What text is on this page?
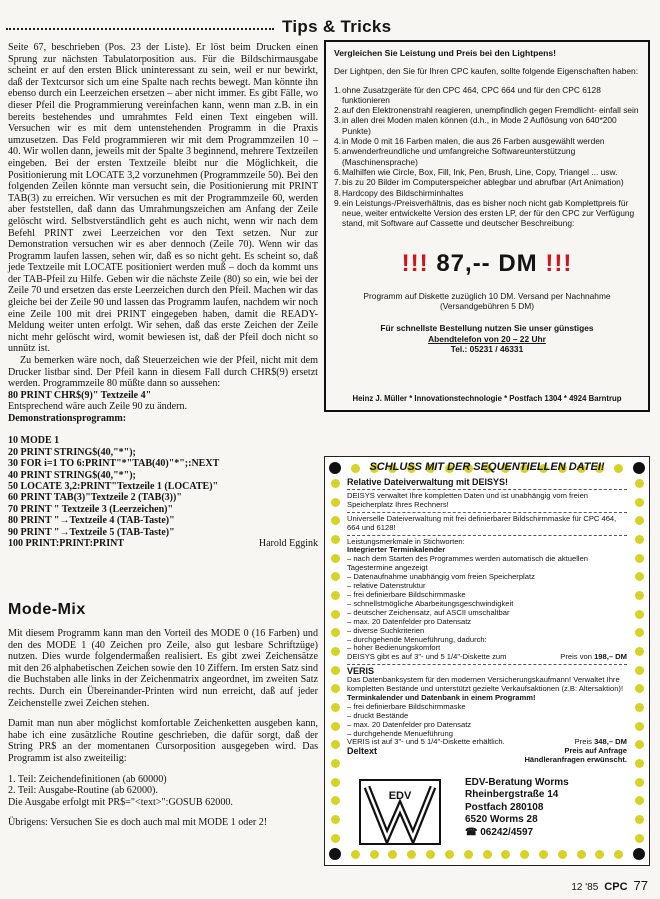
Tips & Tricks

Seite 67, beschrieben (Pos. 23 der Liste). Er löst beim Drucken einen Sprung zur nächsten Tabulatorposition aus. Für die Bildschirmausgabe scheint er auf den ersten Blick uninteressant zu sein, weil er nur bewirkt, daß der Textcursor sich um eine Spalte nach rechts bewegt. Man könnte ihn ebenso durch ein Leerzeichen ersetzen – aber nicht immer. Es gibt Fälle, wo dieser Pfeil die Programmierung vereinfachen kann, wenn man z.B. in ein bereits bestehendes und umrahmtes Feld einen Text eingeben will. Versuchen wir es mit dem untenstehenden Programm in die Praxis umzusetzen. Das Feld programmieren wir mit dem Programmzeilen 10 – 40. Wir wollen dann, jeweils mit der Spalte 3 beginnend, mehrere Textzeilen eingeben. Bei der ersten Textzeile bleibt nur die Möglichkeit, die Positionierung mit LOCATE 3,2 vorzunehmen (Programmzeile 50). Bei den folgenden Zeilen könnte man versucht sein, die Positionierung mit PRINT TAB(3) zu erreichen. Wir versuchen es mit der Programmzeile 60, werden aber feststellen, daß dann das Umrahmungszeichen am Anfang der Zeile gelöscht wird. Selbstverständlich geht es auch nicht, wenn wir nach dem Befehl PRINT zwei Leerzeichen vor den Text setzen. Nur zur Demonstration versuchen wir es aber dennoch (Zeile 70). Wenn wir das Programm laufen lassen, sehen wir, daß es so nicht geht. Es scheint so, daß jede Textzeile mit LOCATE positioniert werden muß – doch da kommt uns der TAB-Pfeil zu Hilfe. Geben wir die nächste Zeile (80) so ein, wie bei der Zeile 70 und ersetzen das erste Leerzeichen durch den Pfeil. Machen wir das gleiche bei der Zeile 90 und lassen das Programm laufen, nachdem wir noch eine Zeile 100 mit drei PRINT eingegeben haben, damit die READY-Meldung weiter unten erfolgt. Wir sehen, daß das erste Zeichen der Zeile nicht mehr gelöscht wird, womit bewiesen ist, daß der Pfeil doch nicht so unnütz ist.

Zu bemerken wäre noch, daß Steuerzeichen wie der Pfeil, nicht mit dem Drucker listbar sind. Der Pfeil kann in diesem Fall durch CHR$(9) ersetzt werden. Programmzeile 80 müßte dann so aussehen:

80 PRINT CHR$(9)" Textzeile 4"

Entsprechend wäre auch Zeile 90 zu ändern.

Demonstrationsprogramm:
10 MODE 1
20 PRINT STRING$(40,"*");
30 FOR i=1 TO 6:PRINT"*"TAB(40)"*";:NEXT
40 PRINT STRING$(40,"*");
50 LOCATE 3,2:PRINT"Textzeile 1 (LOCATE)"
60 PRINT TAB(3)"Textzeile 2 (TAB(3))"
70 PRINT " Textzeile 3 (Leerzeichen)"
80 PRINT "→Textzeile 4 (TAB-Taste)"
90 PRINT "→Textzeile 5 (TAB-Taste)"
100 PRINT:PRINT:PRINT	Harold Eggink
Mode-Mix

Mit diesem Programm kann man den Vorteil des MODE 0 (16 Farben) und den des MODE 1 (40 Zeichen pro Zeile, also gut lesbare Schriftzüge) nutzen. Dies wurde folgendermaßen realisiert. Es gibt zwei Zeichensätze mit den 26 alphabetischen Zeichen sowie den 10 Ziffern. Im ersten Satz sind die Buchstaben alle links in der Zeichenmatrix angeordnet, im zweiten Satz rechts. Durch ein Übereinander-Printen wird nun erreicht, daß auf jeder Zeichenstelle zwei Zeichen stehen.

Damit man nun aber möglichst komfortable Zeichenketten ausgeben kann, habe ich eine zusätzliche Routine geschrieben, die dafür sorgt, daß der String PR$ an der momentanen Cursorposition ausgegeben wird. Das Programm ist also zweiteilig:

1. Teil: Zeichendefinitionen (ab 60000)

2. Teil: Ausgabe-Routine (ab 62000).

Die Ausgabe erfolgt mit PR$="<text>":GOSUB 62000.

Übrigens: Versuchen Sie es doch auch mal mit MODE 1 oder 2!

Vergleichen Sie Leistung und Preis bei den Lightpens!
Der Lightpen, den Sie für Ihren CPC kaufen, sollte folgende Eigenschaften haben:
1. ohne Zusatzgeräte für den CPC 464, CPC 664 und für den CPC 6128 funktionieren
2. auf den Elektronenstrahl reagieren, unempfindlich gegen Fremdlicht- einfall sein
3. in allen drei Moden malen können (d.h., in Mode 2 Auflösung von 640*200 Punkte)
4. in Mode 0 mit 16 Farben malen, die aus 26 Farben ausgewählt werden
5. anwenderfreundliche und umfangreiche Softwareunterstützung (Maschinensprache)
6. Malhilfen wie Circle, Box, Fill, Ink, Pen, Brush, Line, Copy, Triangel ... usw.
7. bis zu 20 Bilder im Computerspeicher ablegbar und abrufbar (Art Animation)
8. Hardcopy des Bildschirminhaltes
9. ein Leistungs-/Preisverhältnis, das es bisher noch nicht gab Komplettpreis für neue, weiter entwickelte Version des ersten LP, der für den CPC zur Verfügung stand, mit Software auf Cassette und deutscher Beschreibung:
!!! 87,-- DM !!!
Programm auf Diskette zuzüglich 10 DM. Versand per Nachnahme (Versandgebühren 5 DM)
Für schnellste Bestellung nutzen Sie unser günstiges
Abendtelefon von 20 – 22 Uhr
Tel.: 05231 / 46331
Heinz J. Müller * Innovationstechnologie * Postfach 1304 * 4924 Barntrup
SCHLUSS MIT DER SEQUENTIELLEN DATEI!
Relative Dateiverwaltung mit DEISYS!
DEISYS verwaltet Ihre kompletten Daten und ist unabhängig vom freien Speicherplatz Ihres Rechners!
Universelle Dateiverwaltung mit frei definierbarer Bildschirmmaske für CPC 464, 664 und 6128!
Leistungsmerkmale in Stichworten:
Integrierter Terminkalender
– nach dem Starten des Programmes werden automatisch die aktuellen Tagestermine angezeigt
– Datenaufnahme unabhängig vom freien Speicherplatz
– relative Datenstruktur
– frei definierbare Bildschirmmaske
– schnellstmögliche Abarbeitungsgeschwindigkeit
– deutscher Zeichensatz, auf ASCII umschaltbar
– max. 20 Datenfelder pro Datensatz
– diverse Suchkriterien
– durchgehende Menueführung, dadurch:
– hoher Bedienungskomfort
DEISYS gibt es auf 3"- und 5 1/4"-Diskette zum	Preis von 198,– DM
VERIS
Das Datenbanksystem für den modernen Versicherungskaufmann! Verwaltet Ihre kompletten Bestände und unterstützt gezielte Verkaufsaktionen (z.B: Altersaktion)!
Terminkalender und Datenbank in einem Programm!
– frei definierbare Bildschirmmaske
– druckt Bestände
– max. 20 Datenfelder pro Datensatz
– durchgehende Menueführung
VERIS ist auf 3"- und 5 1/4"-Diskette erhältlich.	Preis 348,– DM
Deltext	Preis auf Anfrage
Händleranfragen erwünscht.
EDV
EDV-Beratung Worms
Rheinbergstraße 14
Postfach 280108
6520 Worms 28
☎ 06242/4597
12 '85 CPC 77
